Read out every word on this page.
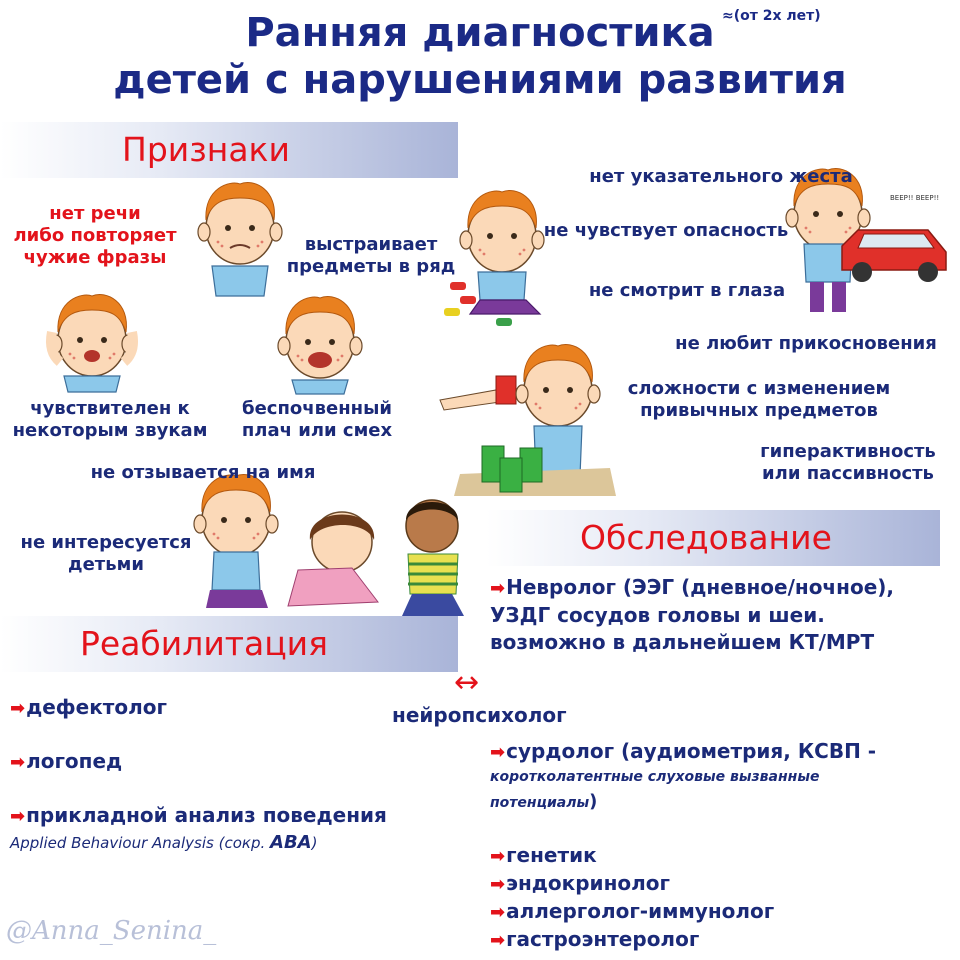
Ранняя диагностика
детей с нарушениями развития
≈(от 2х лет)
Признаки
Обследование
Реабилитация
BEEP!! BEEP!!
нет речи
либо повторяет
чужие фразы
выстраивает
предметы в ряд
чувствителен к
некоторым звукам
беспочвенный
плач или смех
не отзывается на имя
не интересуется
детьми
нет указательного жеста
не чувствует опасность
не смотрит в глаза
не любит прикосновения
сложности с изменением
привычных предметов
гиперактивность
или пассивность
➡Невролог (ЭЭГ (дневное/ночное),
УЗДГ сосудов головы и шеи.
возможно в дальнейшем КТ/МРТ
↔
нейропсихолог
➡сурдолог (аудиометрия, КСВП -
коротколатентные слуховые вызванные
потенциалы)
➡генетик
➡эндокринолог
➡аллерголог-иммунолог
➡гастроэнтеролог
➡дефектолог
➡логопед
➡прикладной анализ поведения
Applied Behaviour Analysis (сокр. ABA)
@Anna_Senina_
